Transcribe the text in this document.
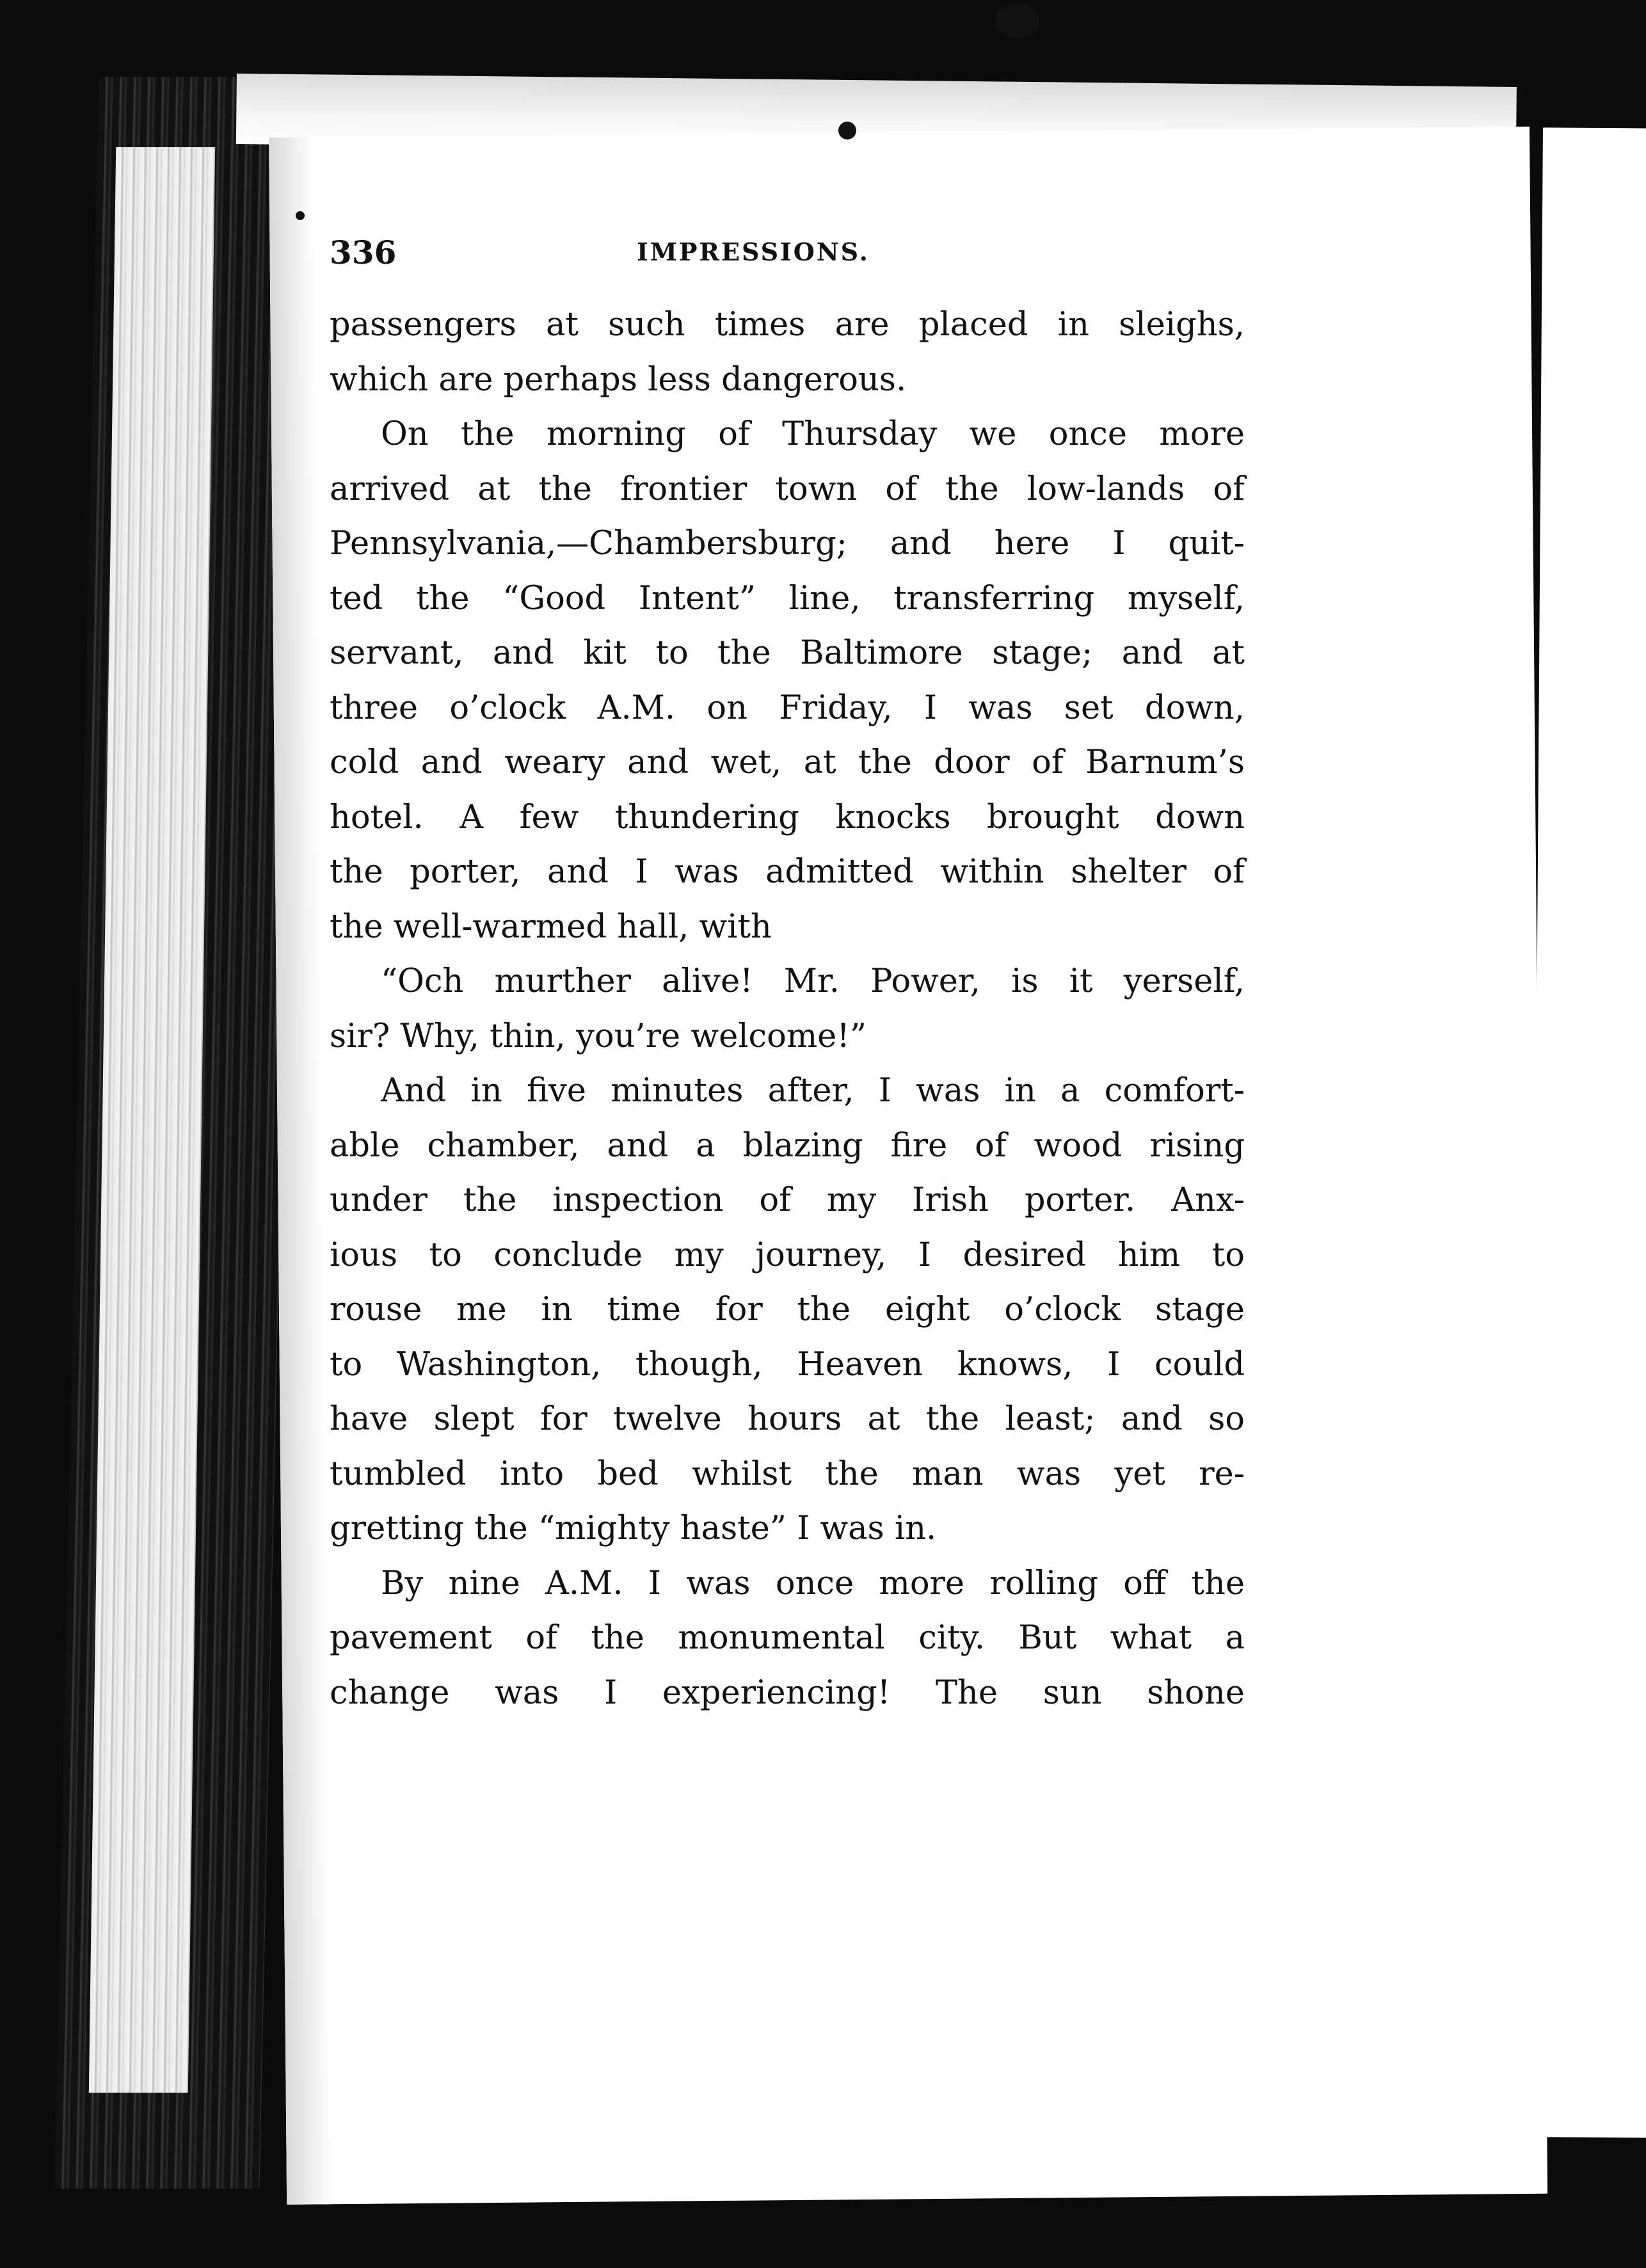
336	IMPRESSIONS.
passengers at such times are placed in sleighs,
which are perhaps less dangerous.
On the morning of Thursday we once more
arrived at the frontier town of the low-lands of
Pennsylvania,—Chambersburg; and here I quit-
ted the “Good Intent” line, transferring myself,
servant, and kit to the Baltimore stage; and at
three o’clock A.M. on Friday, I was set down,
cold and weary and wet, at the door of Barnum’s
hotel. A few thundering knocks brought down
the porter, and I was admitted within shelter of
the well-warmed hall, with
“Och murther alive! Mr. Power, is it yerself,
sir? Why, thin, you’re welcome!”
And in five minutes after, I was in a comfort-
able chamber, and a blazing fire of wood rising
under the inspection of my Irish porter. Anx-
ious to conclude my journey, I desired him to
rouse me in time for the eight o’clock stage
to Washington, though, Heaven knows, I could
have slept for twelve hours at the least; and so
tumbled into bed whilst the man was yet re-
gretting the “mighty haste” I was in.
By nine A.M. I was once more rolling off the
pavement of the monumental city. But what a
change was I experiencing! The sun shone
